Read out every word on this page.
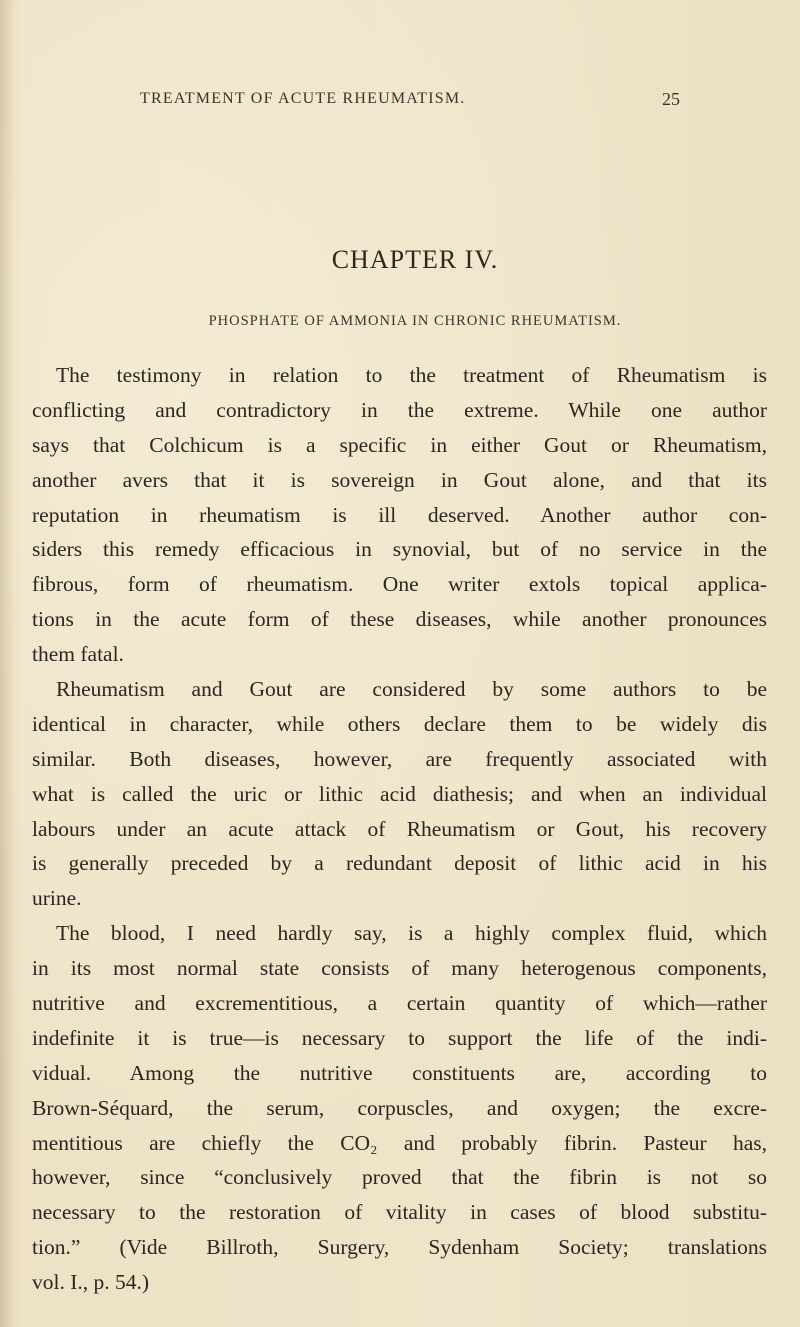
TREATMENT OF ACUTE RHEUMATISM.	25
CHAPTER IV.
PHOSPHATE OF AMMONIA IN CHRONIC RHEUMATISM.
The testimony in relation to the treatment of Rheumatism is
conflicting and contradictory in the extreme. While one author
says that Colchicum is a specific in either Gout or Rheumatism,
another avers that it is sovereign in Gout alone, and that its
reputation in rheumatism is ill deserved. Another author con-
siders this remedy efficacious in synovial, but of no service in the
fibrous, form of rheumatism. One writer extols topical applica-
tions in the acute form of these diseases, while another pronounces
them fatal.
Rheumatism and Gout are considered by some authors to be
identical in character, while others declare them to be widely dis
similar. Both diseases, however, are frequently associated with
what is called the uric or lithic acid diathesis; and when an individual
labours under an acute attack of Rheumatism or Gout, his recovery
is generally preceded by a redundant deposit of lithic acid in his
urine.
The blood, I need hardly say, is a highly complex fluid, which
in its most normal state consists of many heterogenous components,
nutritive and excrementitious, a certain quantity of which—rather
indefinite it is true—is necessary to support the life of the indi-
vidual. Among the nutritive constituents are, according to
Brown-Séquard, the serum, corpuscles, and oxygen; the excre-
mentitious are chiefly the CO₂ and probably fibrin. Pasteur has,
however, since “conclusively proved that the fibrin is not so
necessary to the restoration of vitality in cases of blood substitu-
tion.” (Vide Billroth, Surgery, Sydenham Society; translations
vol. I., p. 54.)
